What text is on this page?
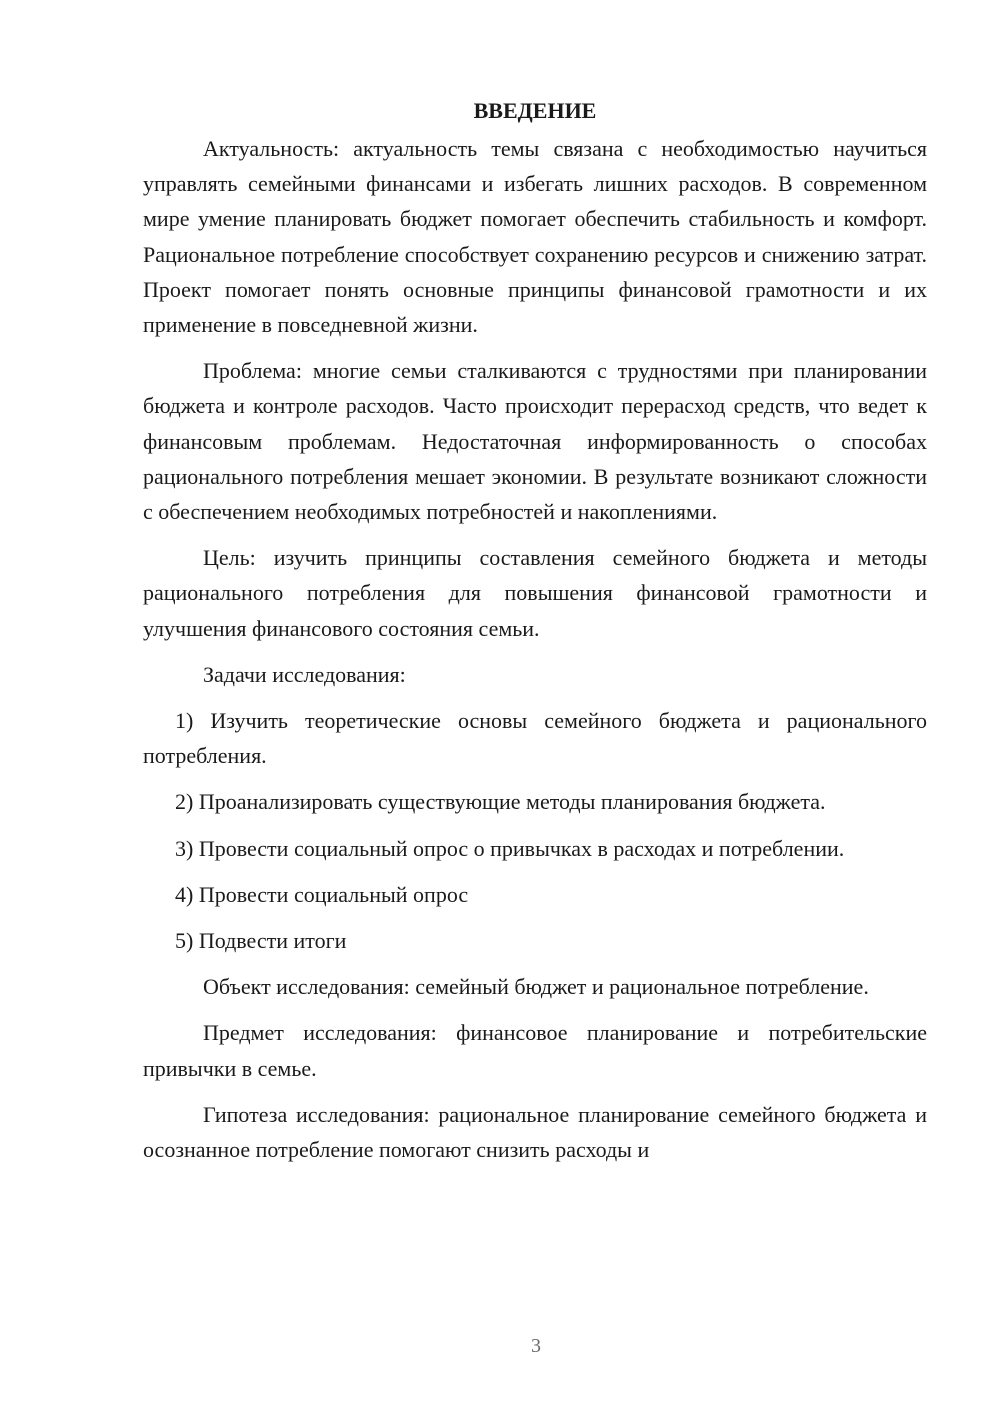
ВВЕДЕНИЕ

Актуальность: актуальность темы связана с необходимостью научиться управлять семейными финансами и избегать лишних расходов. В современном мире умение планировать бюджет помогает обеспечить стабильность и комфорт. Рациональное потребление способствует сохранению ресурсов и снижению затрат. Проект помогает понять основные принципы финансовой грамотности и их применение в повседневной жизни.

Проблема: многие семьи сталкиваются с трудностями при планировании бюджета и контроле расходов. Часто происходит перерасход средств, что ведет к финансовым проблемам. Недостаточная информированность о способах рационального потребления мешает экономии. В результате возникают сложности с обеспечением необходимых потребностей и накоплениями.

Цель: изучить принципы составления семейного бюджета и методы рационального потребления для повышения финансовой грамотности и улучшения финансового состояния семьи.

Задачи исследования:

1) Изучить теоретические основы семейного бюджета и рационального потребления.

2) Проанализировать существующие методы планирования бюджета.

3) Провести социальный опрос о привычках в расходах и потреблении.

4) Провести социальный опрос

5) Подвести итоги

Объект исследования: семейный бюджет и рациональное потребление.

Предмет исследования: финансовое планирование и потребительские привычки в семье.

Гипотеза исследования: рациональное планирование семейного бюджета и осознанное потребление помогают снизить расходы и

3
